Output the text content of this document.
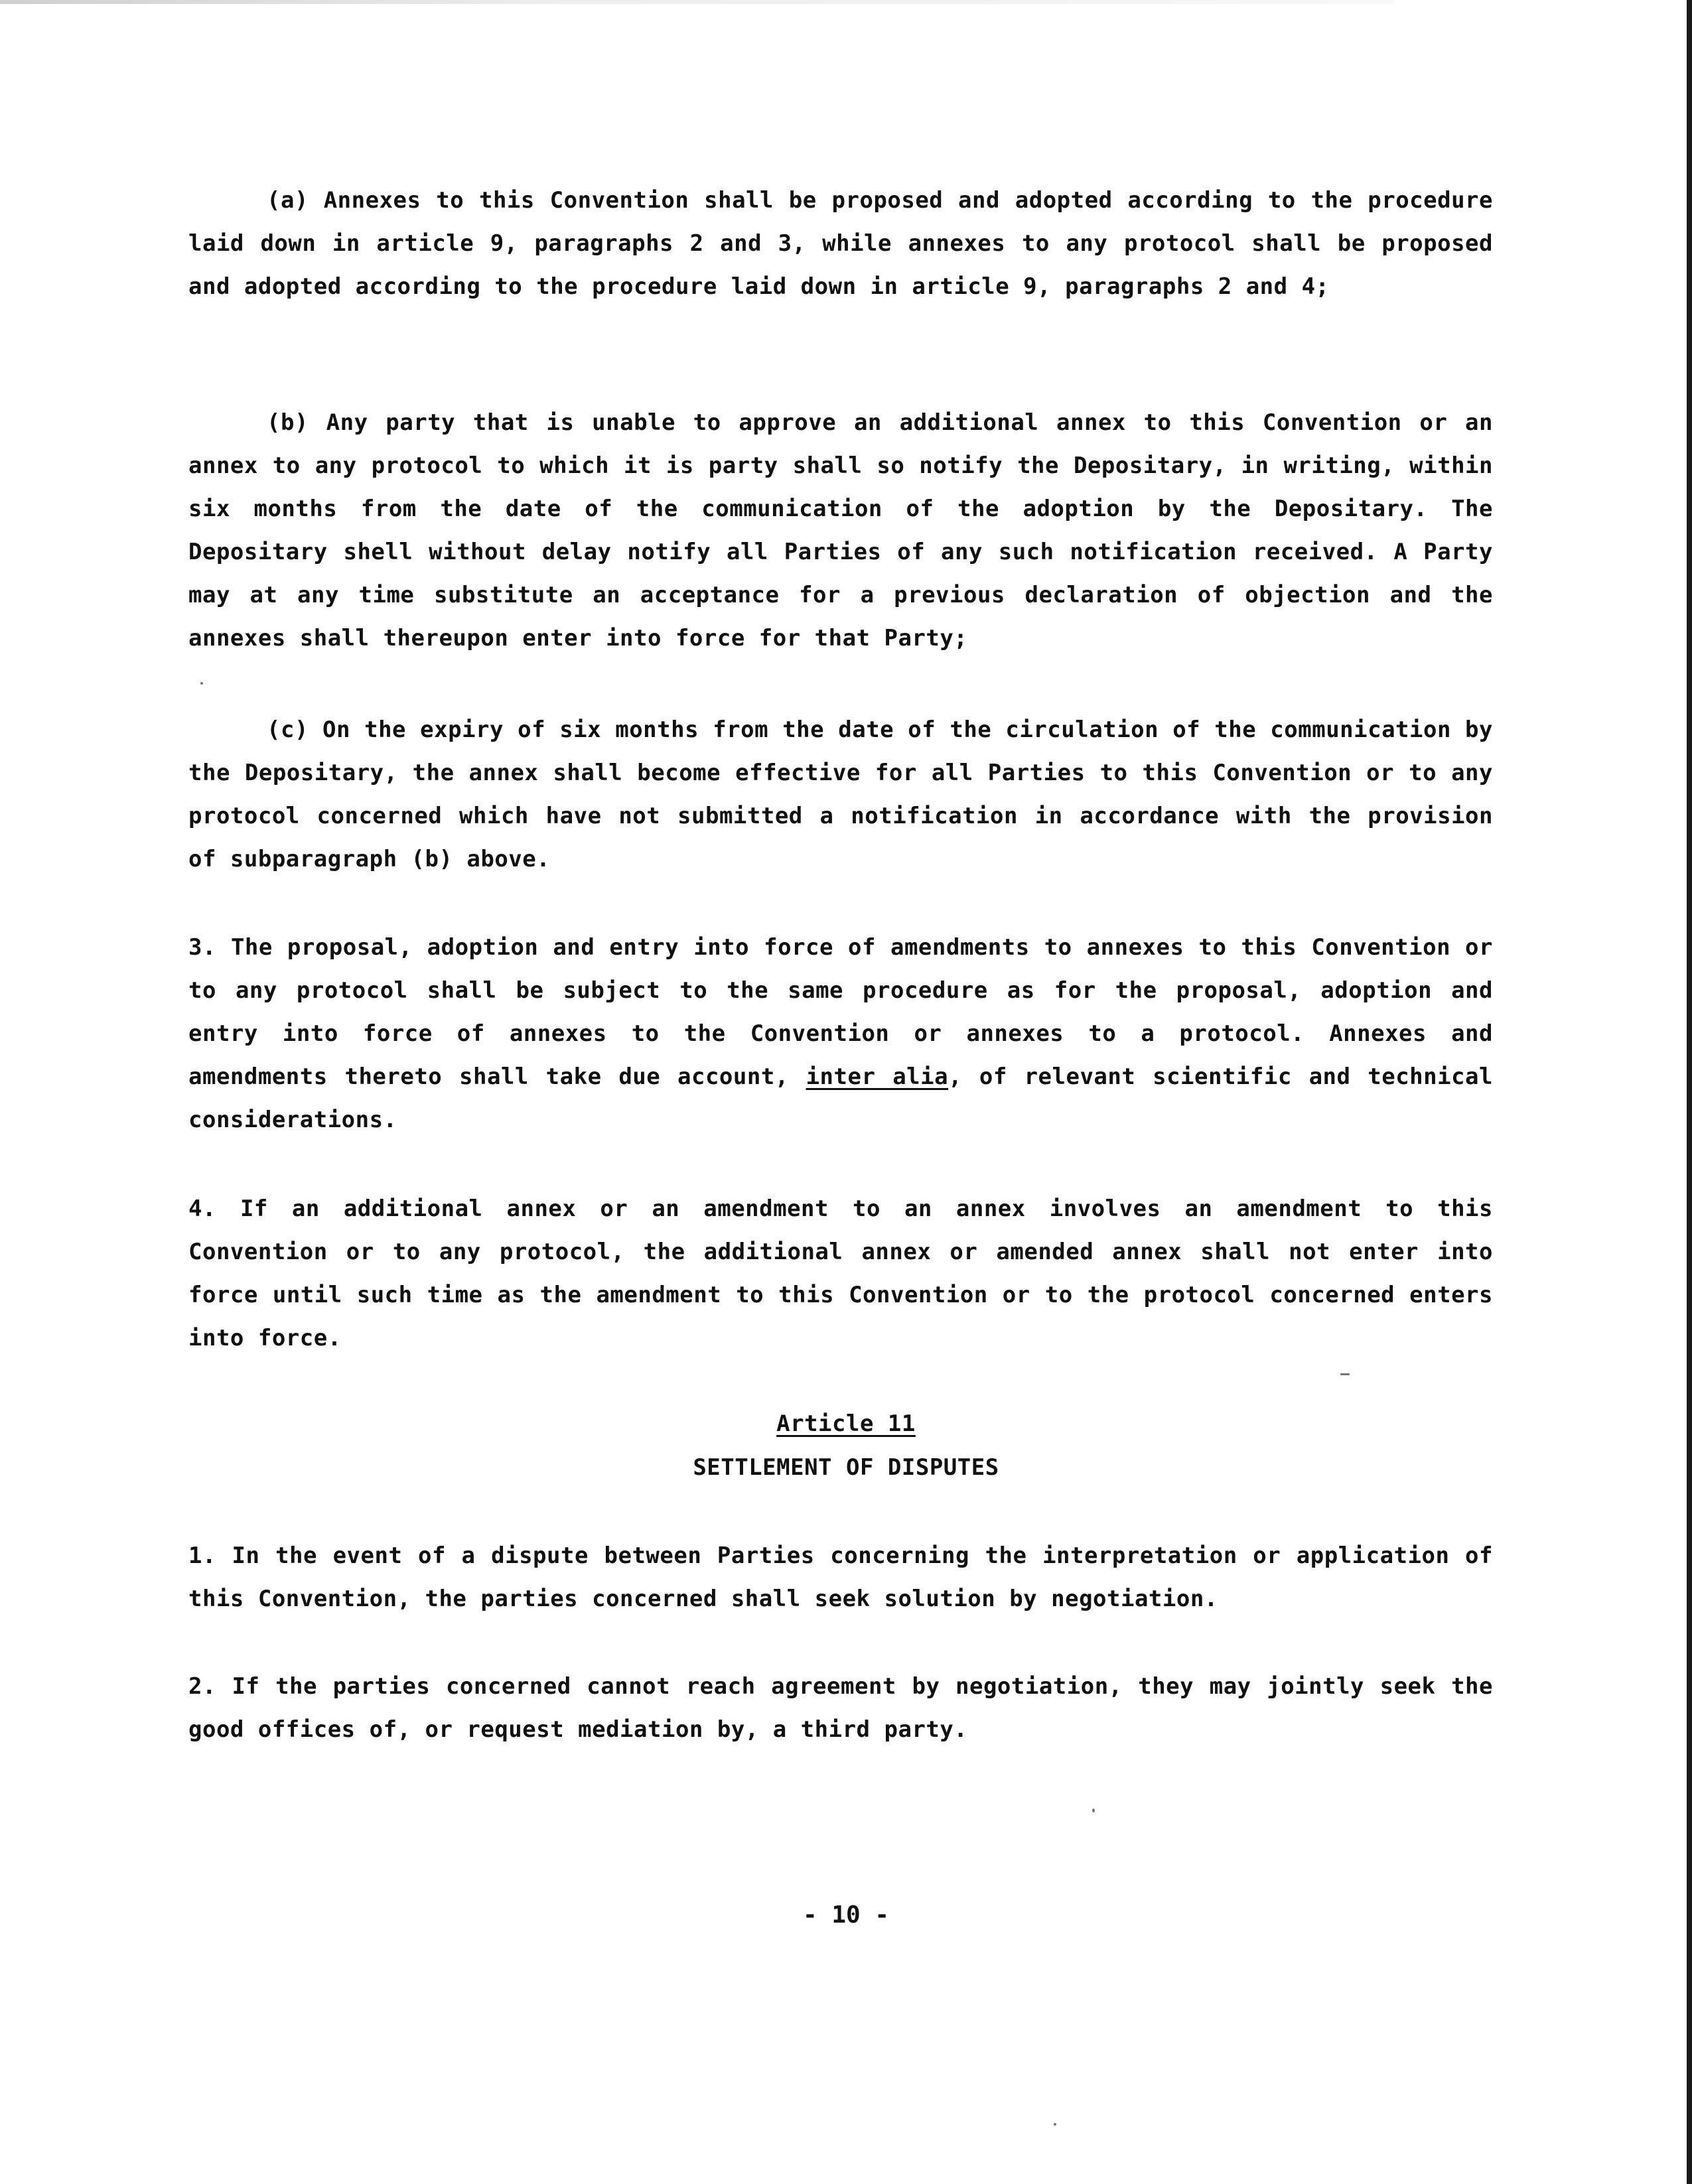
(a) Annexes to this Convention shall be proposed and adopted according to the procedure laid down in article 9, paragraphs 2 and 3, while annexes to any protocol shall be proposed and adopted according to the procedure laid down in article 9, paragraphs 2 and 4;

(b) Any party that is unable to approve an additional annex to this Convention or an annex to any protocol to which it is party shall so notify the Depositary, in writing, within six months from the date of the communication of the adoption by the Depositary. The Depositary shell without delay notify all Parties of any such notification received. A Party may at any time substitute an acceptance for a previous declaration of objection and the annexes shall thereupon enter into force for that Party;

(c) On the expiry of six months from the date of the circulation of the communication by the Depositary, the annex shall become effective for all Parties to this Convention or to any protocol concerned which have not submitted a notification in accordance with the provision of subparagraph (b) above.

3. The proposal, adoption and entry into force of amendments to annexes to this Convention or to any protocol shall be subject to the same procedure as for the proposal, adoption and entry into force of annexes to the Convention or annexes to a protocol. Annexes and amendments thereto shall take due account, inter alia, of relevant scientific and technical considerations.

4. If an additional annex or an amendment to an annex involves an amendment to this Convention or to any protocol, the additional annex or amended annex shall not enter into force until such time as the amendment to this Convention or to the protocol concerned enters into force.

Article 11
SETTLEMENT OF DISPUTES

1. In the event of a dispute between Parties concerning the interpretation or application of this Convention, the parties concerned shall seek solution by negotiation.

2. If the parties concerned cannot reach agreement by negotiation, they may jointly seek the good offices of, or request mediation by, a third party.

- 10 -
